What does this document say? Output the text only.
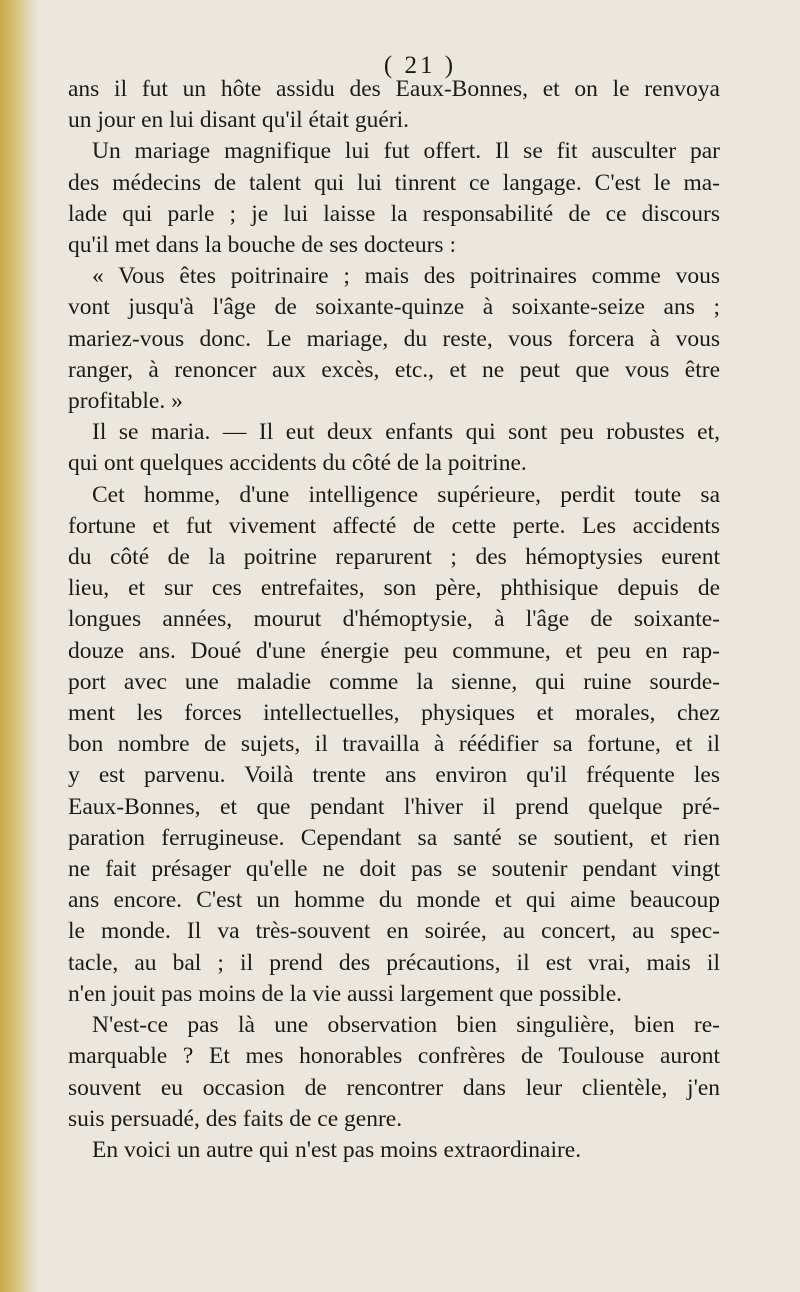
( 21 )
ans il fut un hôte assidu des Eaux-Bonnes, et on le renvoya
un jour en lui disant qu'il était guéri.
Un mariage magnifique lui fut offert. Il se fit ausculter par
des médecins de talent qui lui tinrent ce langage. C'est le ma-
lade qui parle ; je lui laisse la responsabilité de ce discours
qu'il met dans la bouche de ses docteurs :
« Vous êtes poitrinaire ; mais des poitrinaires comme vous
vont jusqu'à l'âge de soixante-quinze à soixante-seize ans ;
mariez-vous donc. Le mariage, du reste, vous forcera à vous
ranger, à renoncer aux excès, etc., et ne peut que vous être
profitable. »
Il se maria. — Il eut deux enfants qui sont peu robustes et,
qui ont quelques accidents du côté de la poitrine.
Cet homme, d'une intelligence supérieure, perdit toute sa
fortune et fut vivement affecté de cette perte. Les accidents
du côté de la poitrine reparurent ; des hémoptysies eurent
lieu, et sur ces entrefaites, son père, phthisique depuis de
longues années, mourut d'hémoptysie, à l'âge de soixante-
douze ans. Doué d'une énergie peu commune, et peu en rap-
port avec une maladie comme la sienne, qui ruine sourde-
ment les forces intellectuelles, physiques et morales, chez
bon nombre de sujets, il travailla à réédifier sa fortune, et il
y est parvenu. Voilà trente ans environ qu'il fréquente les
Eaux-Bonnes, et que pendant l'hiver il prend quelque pré-
paration ferrugineuse. Cependant sa santé se soutient, et rien
ne fait présager qu'elle ne doit pas se soutenir pendant vingt
ans encore. C'est un homme du monde et qui aime beaucoup
le monde. Il va très-souvent en soirée, au concert, au spec-
tacle, au bal ; il prend des précautions, il est vrai, mais il
n'en jouit pas moins de la vie aussi largement que possible.
N'est-ce pas là une observation bien singulière, bien re-
marquable ? Et mes honorables confrères de Toulouse auront
souvent eu occasion de rencontrer dans leur clientèle, j'en
suis persuadé, des faits de ce genre.
En voici un autre qui n'est pas moins extraordinaire.
